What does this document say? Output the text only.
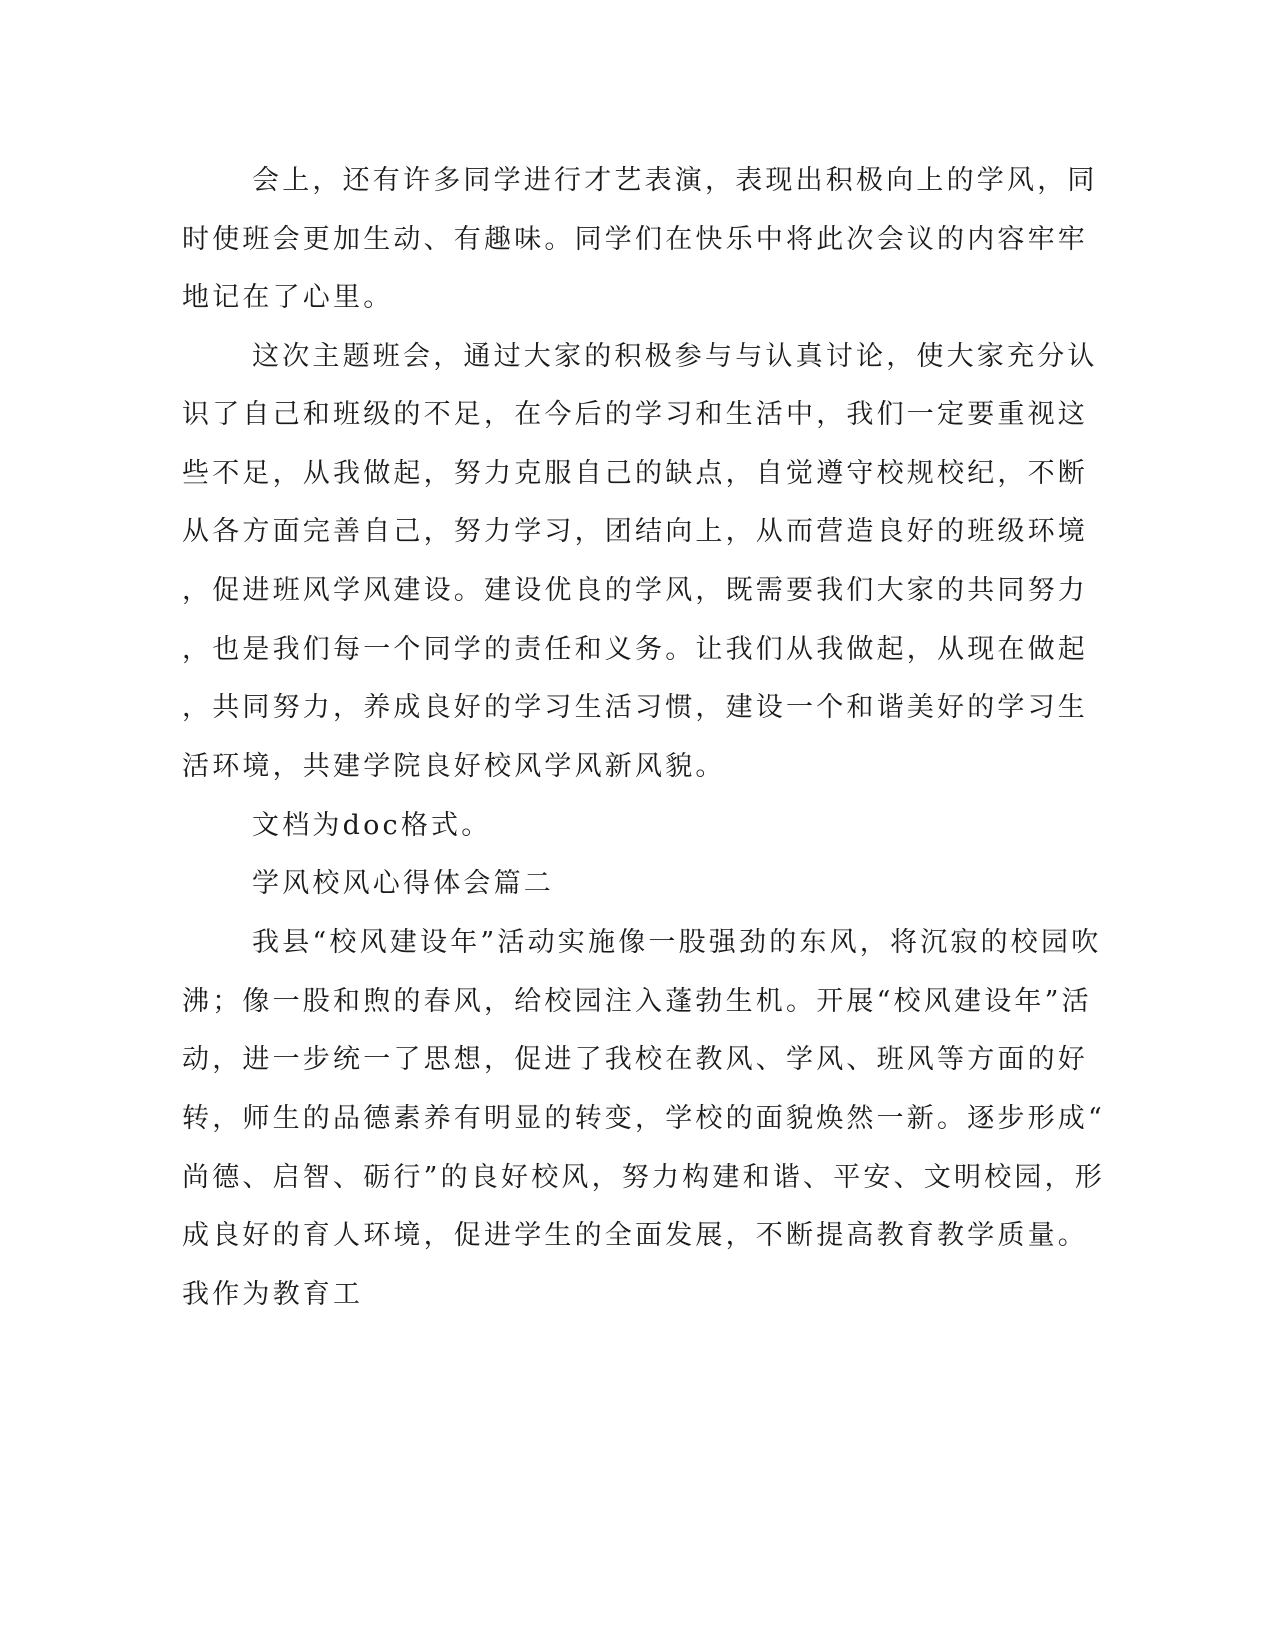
会上，还有许多同学进行才艺表演，表现出积极向上的学风，同
时使班会更加生动、有趣味。同学们在快乐中将此次会议的内容牢牢
地记在了心里。
这次主题班会，通过大家的积极参与与认真讨论，使大家充分认
识了自己和班级的不足，在今后的学习和生活中，我们一定要重视这
些不足，从我做起，努力克服自己的缺点，自觉遵守校规校纪，不断
从各方面完善自己，努力学习，团结向上，从而营造良好的班级环境
，促进班风学风建设。建设优良的学风，既需要我们大家的共同努力
，也是我们每一个同学的责任和义务。让我们从我做起，从现在做起
，共同努力，养成良好的学习生活习惯，建设一个和谐美好的学习生
活环境，共建学院良好校风学风新风貌。
文档为doc格式。
学风校风心得体会篇二
我县“校风建设年”活动实施像一股强劲的东风，将沉寂的校园吹
沸；像一股和煦的春风，给校园注入蓬勃生机。开展“校风建设年”活
动，进一步统一了思想，促进了我校在教风、学风、班风等方面的好
转，师生的品德素养有明显的转变，学校的面貌焕然一新。逐步形成“
尚德、启智、砺行”的良好校风，努力构建和谐、平安、文明校园，形
成良好的育人环境，促进学生的全面发展，不断提高教育教学质量。
我作为教育工
